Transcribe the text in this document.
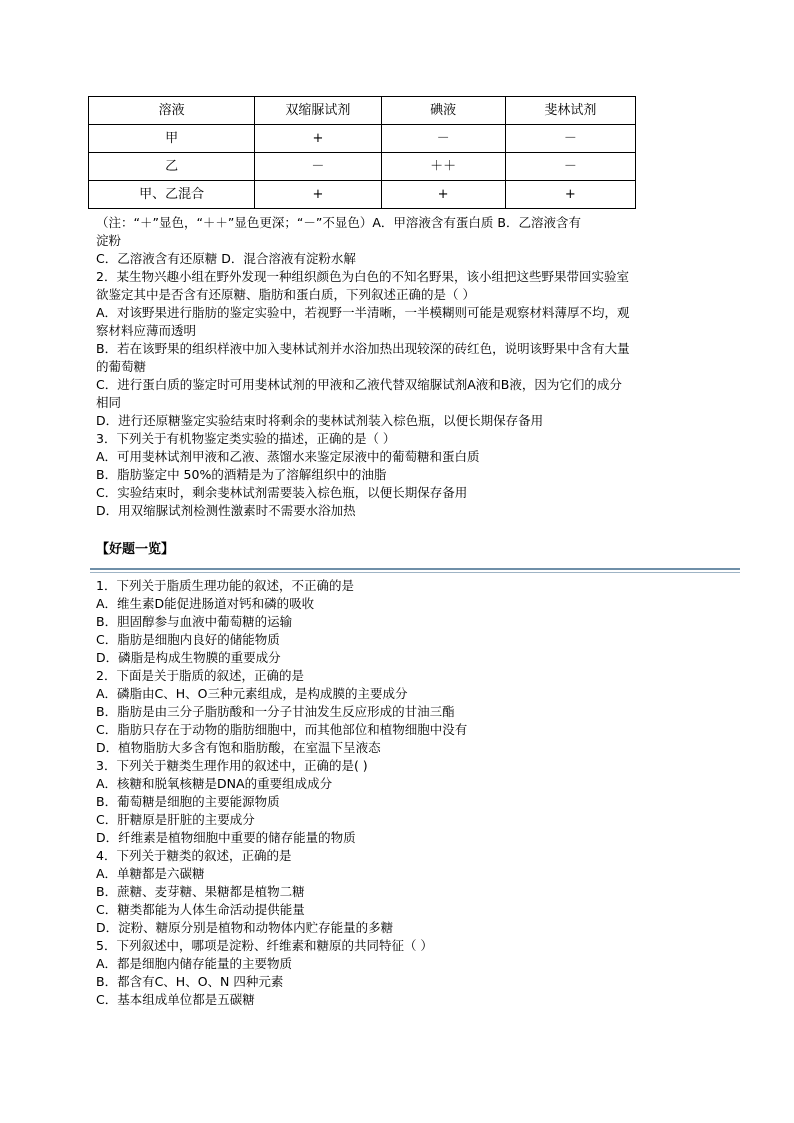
溶液	双缩脲试剂	碘液	斐林试剂
甲	+	－	－
乙	－	＋＋	－
甲、乙混合	+	+	+
（注：“＋”显色，“＋＋”显色更深；“－”不显色）A．甲溶液含有蛋白质 B．乙溶液含有
淀粉
C．乙溶液含有还原糖 D．混合溶液有淀粉水解
2．某生物兴趣小组在野外发现一种组织颜色为白色的不知名野果，该小组把这些野果带回实验室
欲鉴定其中是否含有还原糖、脂肪和蛋白质，下列叙述正确的是（ ）
A．对该野果进行脂肪的鉴定实验中，若视野一半清晰，一半模糊则可能是观察材料薄厚不均，观
察材料应薄而透明
B．若在该野果的组织样液中加入斐林试剂并水浴加热出现较深的砖红色，说明该野果中含有大量
的葡萄糖
C．进行蛋白质的鉴定时可用斐林试剂的甲液和乙液代替双缩脲试剂A液和B液，因为它们的成分
相同
D．进行还原糖鉴定实验结束时将剩余的斐林试剂装入棕色瓶，以便长期保存备用
3．下列关于有机物鉴定类实验的描述，正确的是（ ）
A．可用斐林试剂甲液和乙液、蒸馏水来鉴定尿液中的葡萄糖和蛋白质
B．脂肪鉴定中 50%的酒精是为了溶解组织中的油脂
C．实验结束时，剩余斐林试剂需要装入棕色瓶，以便长期保存备用
D．用双缩脲试剂检测性激素时不需要水浴加热
【好题一览】
1．下列关于脂质生理功能的叙述，不正确的是
A．维生素D能促进肠道对钙和磷的吸收
B．胆固醇参与血液中葡萄糖的运输
C．脂肪是细胞内良好的储能物质
D．磷脂是构成生物膜的重要成分
2．下面是关于脂质的叙述，正确的是
A．磷脂由C、H、O三种元素组成，是构成膜的主要成分
B．脂肪是由三分子脂肪酸和一分子甘油发生反应形成的甘油三酯
C．脂肪只存在于动物的脂肪细胞中，而其他部位和植物细胞中没有
D．植物脂肪大多含有饱和脂肪酸，在室温下呈液态
3．下列关于糖类生理作用的叙述中，正确的是( )
A．核糖和脱氧核糖是DNA的重要组成成分
B．葡萄糖是细胞的主要能源物质
C．肝糖原是肝脏的主要成分
D．纤维素是植物细胞中重要的储存能量的物质
4．下列关于糖类的叙述，正确的是
A．单糖都是六碳糖
B．蔗糖、麦芽糖、果糖都是植物二糖
C．糖类都能为人体生命活动提供能量
D．淀粉、糖原分别是植物和动物体内贮存能量的多糖
5．下列叙述中，哪项是淀粉、纤维素和糖原的共同特征（ ）
A．都是细胞内储存能量的主要物质
B．都含有C、H、O、N 四种元素
C．基本组成单位都是五碳糖
